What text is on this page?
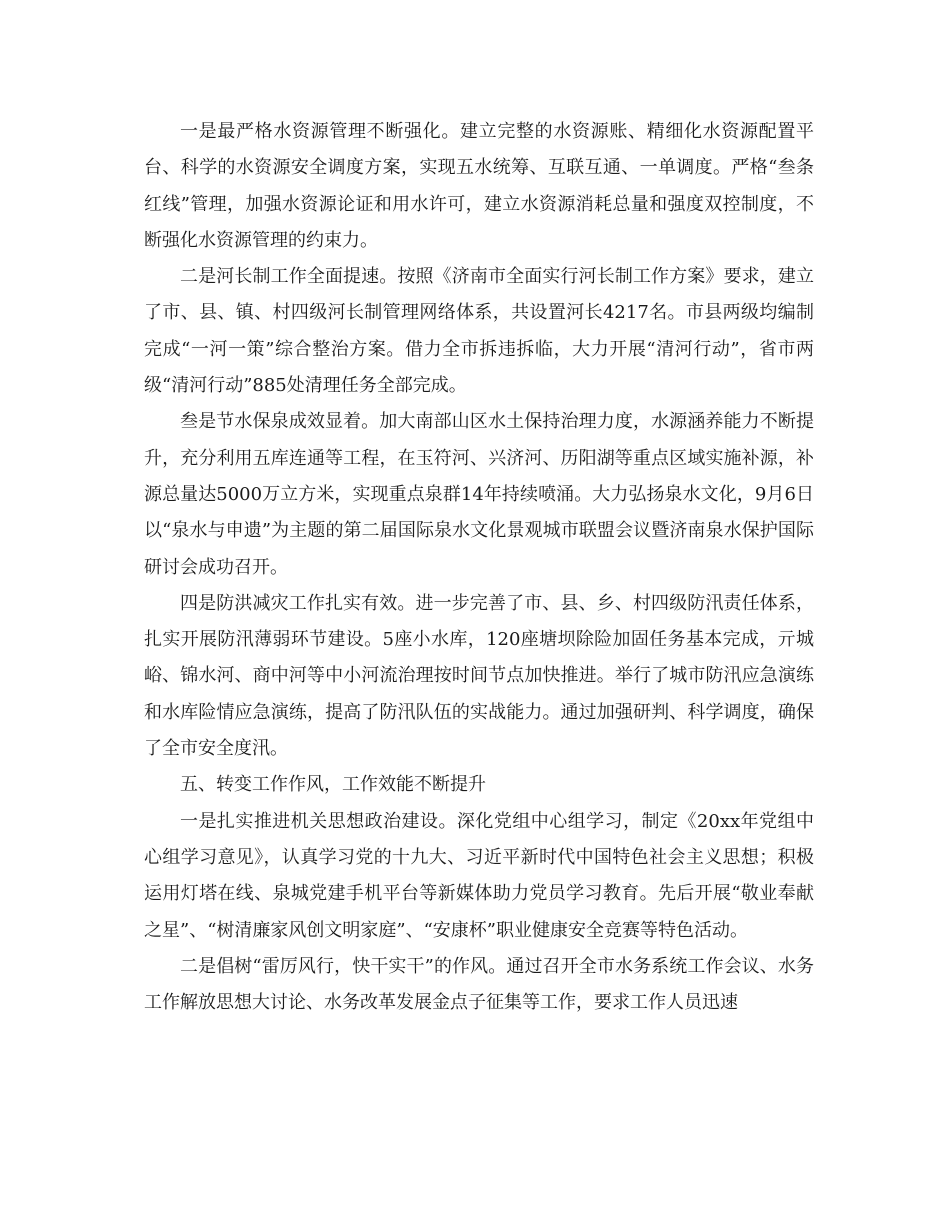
一是最严格水资源管理不断强化。建立完整的水资源账、精细化水资源配置平台、科学的水资源安全调度方案，实现五水统筹、互联互通、一单调度。严格“叁条红线”管理，加强水资源论证和用水许可，建立水资源消耗总量和强度双控制度，不断强化水资源管理的约束力。

二是河长制工作全面提速。按照《济南市全面实行河长制工作方案》要求，建立了市、县、镇、村四级河长制管理网络体系，共设置河长4217名。市县两级均编制完成“一河一策”综合整治方案。借力全市拆违拆临，大力开展“清河行动”，省市两级“清河行动”885处清理任务全部完成。

叁是节水保泉成效显着。加大南部山区水土保持治理力度，水源涵养能力不断提升，充分利用五库连通等工程，在玉符河、兴济河、历阳湖等重点区域实施补源，补源总量达5000万立方米，实现重点泉群14年持续喷涌。大力弘扬泉水文化，9月6日以“泉水与申遗”为主题的第二届国际泉水文化景观城市联盟会议暨济南泉水保护国际研讨会成功召开。

四是防洪减灾工作扎实有效。进一步完善了市、县、乡、村四级防汛责任体系，扎实开展防汛薄弱环节建设。5座小水库，120座塘坝除险加固任务基本完成，亓城峪、锦水河、商中河等中小河流治理按时间节点加快推进。举行了城市防汛应急演练和水库险情应急演练，提高了防汛队伍的实战能力。通过加强研判、科学调度，确保了全市安全度汛。

五、转变工作作风，工作效能不断提升

一是扎实推进机关思想政治建设。深化党组中心组学习，制定《20xx年党组中心组学习意见》，认真学习党的十九大、习近平新时代中国特色社会主义思想；积极运用灯塔在线、泉城党建手机平台等新媒体助力党员学习教育。先后开展“敬业奉献之星”、“树清廉家风创文明家庭”、“安康杯”职业健康安全竞赛等特色活动。

二是倡树“雷厉风行，快干实干”的作风。通过召开全市水务系统工作会议、水务工作解放思想大讨论、水务改革发展金点子征集等工作，要求工作人员迅速
